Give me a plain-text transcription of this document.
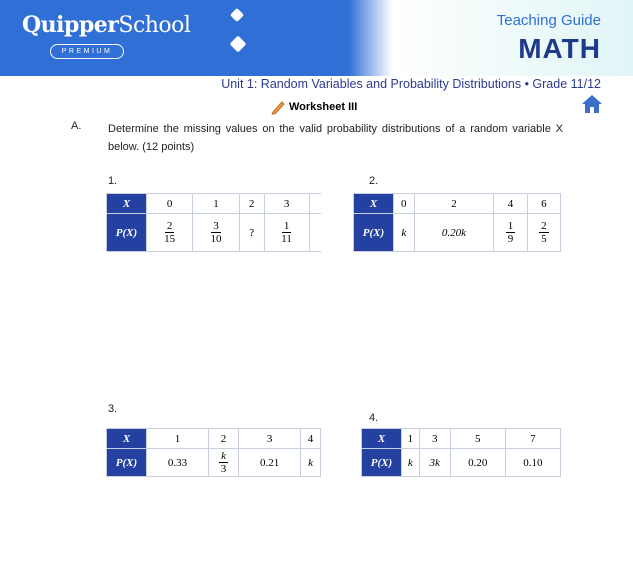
QuipperSchool
PREMIUM
Teaching Guide
MATH
Unit 1: Random Variables and Probability Distributions • Grade 11/12
Worksheet III
A. Determine the missing values on the valid probability distributions of a random variable X below. (12 points)
1.
X	0	1	2	3	
P(X)	$\frac{2}{15}$	$\frac{3}{10}$	?	$\frac{1}{11}$

2.
X	0	2	4	6
P(X)	k	0.20k	$\frac{1}{9}$	$\frac{2}{5}$
3.
X	1	2	3	4
P(X)	0.33	$\frac{k}{3}$	0.21	k
4.
X	1	3	5	7
P(X)	k	3k	0.20	0.10
